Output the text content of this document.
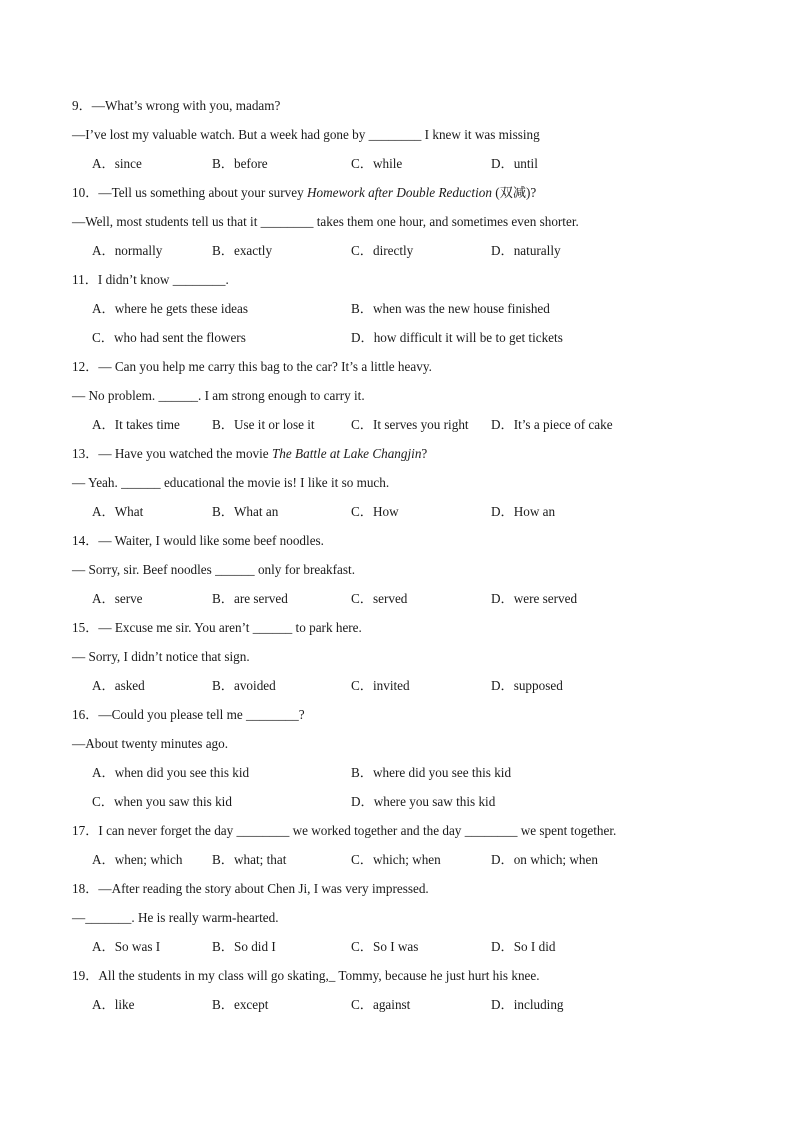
9．—What’s wrong with you, madam?
—I’ve lost my valuable watch. But a week had gone by ________ I knew it was missing
A．since	B．before	C．while	D．until
10．—Tell us something about your survey Homework after Double Reduction (双减)?
—Well, most students tell us that it ________ takes them one hour, and sometimes even shorter.
A．normally	B．exactly	C．directly	D．naturally
11．I didn’t know ________.
A．where he gets these ideas	B．when was the new house finished
C．who had sent the flowers	D．how difficult it will be to get tickets
12．— Can you help me carry this bag to the car? It’s a little heavy.
— No problem. ______. I am strong enough to carry it.
A．It takes time B．Use it or lose it	C．It serves you right D．It’s a piece of cake
13．— Have you watched the movie The Battle at Lake Changjin?
— Yeah. ______ educational the movie is! I like it so much.
A．What	B．What an	C．How	D．How an
14．— Waiter, I would like some beef noodles.
— Sorry, sir. Beef noodles ______ only for breakfast.
A．serve	B．are served	C．served	D．were served
15．— Excuse me sir. You aren’t ______ to park here.
— Sorry, I didn’t notice that sign.
A．asked	B．avoided	C．invited	D．supposed
16．—Could you please tell me ________?
—About twenty minutes ago.
A．when did you see this kid	B．where did you see this kid
C．when you saw this kid	D．where you saw this kid
17．I can never forget the day ________ we worked together and the day ________ we spent together.
A．when; which B．what; that	C．which; when	D．on which; when
18．—After reading the story about Chen Ji, I was very impressed.
—_______. He is really warm-hearted.
A．So was I	B．So did I	C．So I was	D．So I did
19．All the students in my class will go skating,_ Tommy, because he just hurt his knee.
A．like	B．except	C．against	D．including
